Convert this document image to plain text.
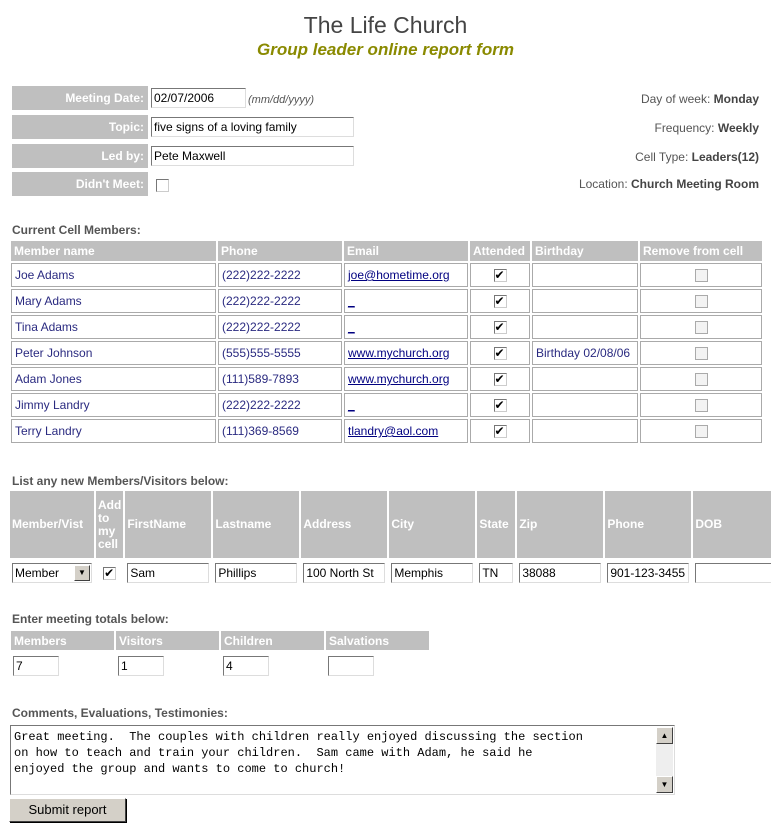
The Life Church
Group leader online report form
Meeting Date: 02/07/2006	(mm/dd/yyyy)
Topic: five signs of a loving family
Led by: Pete Maxwell
Didn't Meet:
Day of week: Monday
Frequency: Weekly
Cell Type: Leaders(12)
Location: Church Meeting Room
Current Cell Members:
Member name	Phone	Email	Attended	Birthday	Remove from cell
Joe Adams	(222)222-2222	joe@hometime.org	✔		

Mary Adams	(222)222-2222	_	✔		

Tina Adams	(222)222-2222	_	✔		

Peter Johnson	(555)555-5555	www.mychurch.org	✔	Birthday 02/08/06	
Adam Jones	(111)589-7893	www.mychurch.org	✔		

Jimmy Landry	(222)222-2222	_	✔		

Terry Landry	(111)369-8569	tlandry@aol.com	✔		

List any new Members/Visitors below:
Member/Vist	Add
to
my
cell	FirstName	Lastname	Address	City	State	Zip	Phone	DOB

Member ▼	✔	Sam	Phillips	100 North St	Memphis	TN	38088	901-123-3455	

Enter meeting totals below:
Members	Visitors	Children	Salvations

7	1	4	

Comments, Evaluations, Testimonies:
Great meeting.  The couples with children really enjoyed discussing the section
on how to teach and train your children.  Sam came with Adam, he said he
enjoyed the group and wants to come to church!
▲
▼
Submit report
